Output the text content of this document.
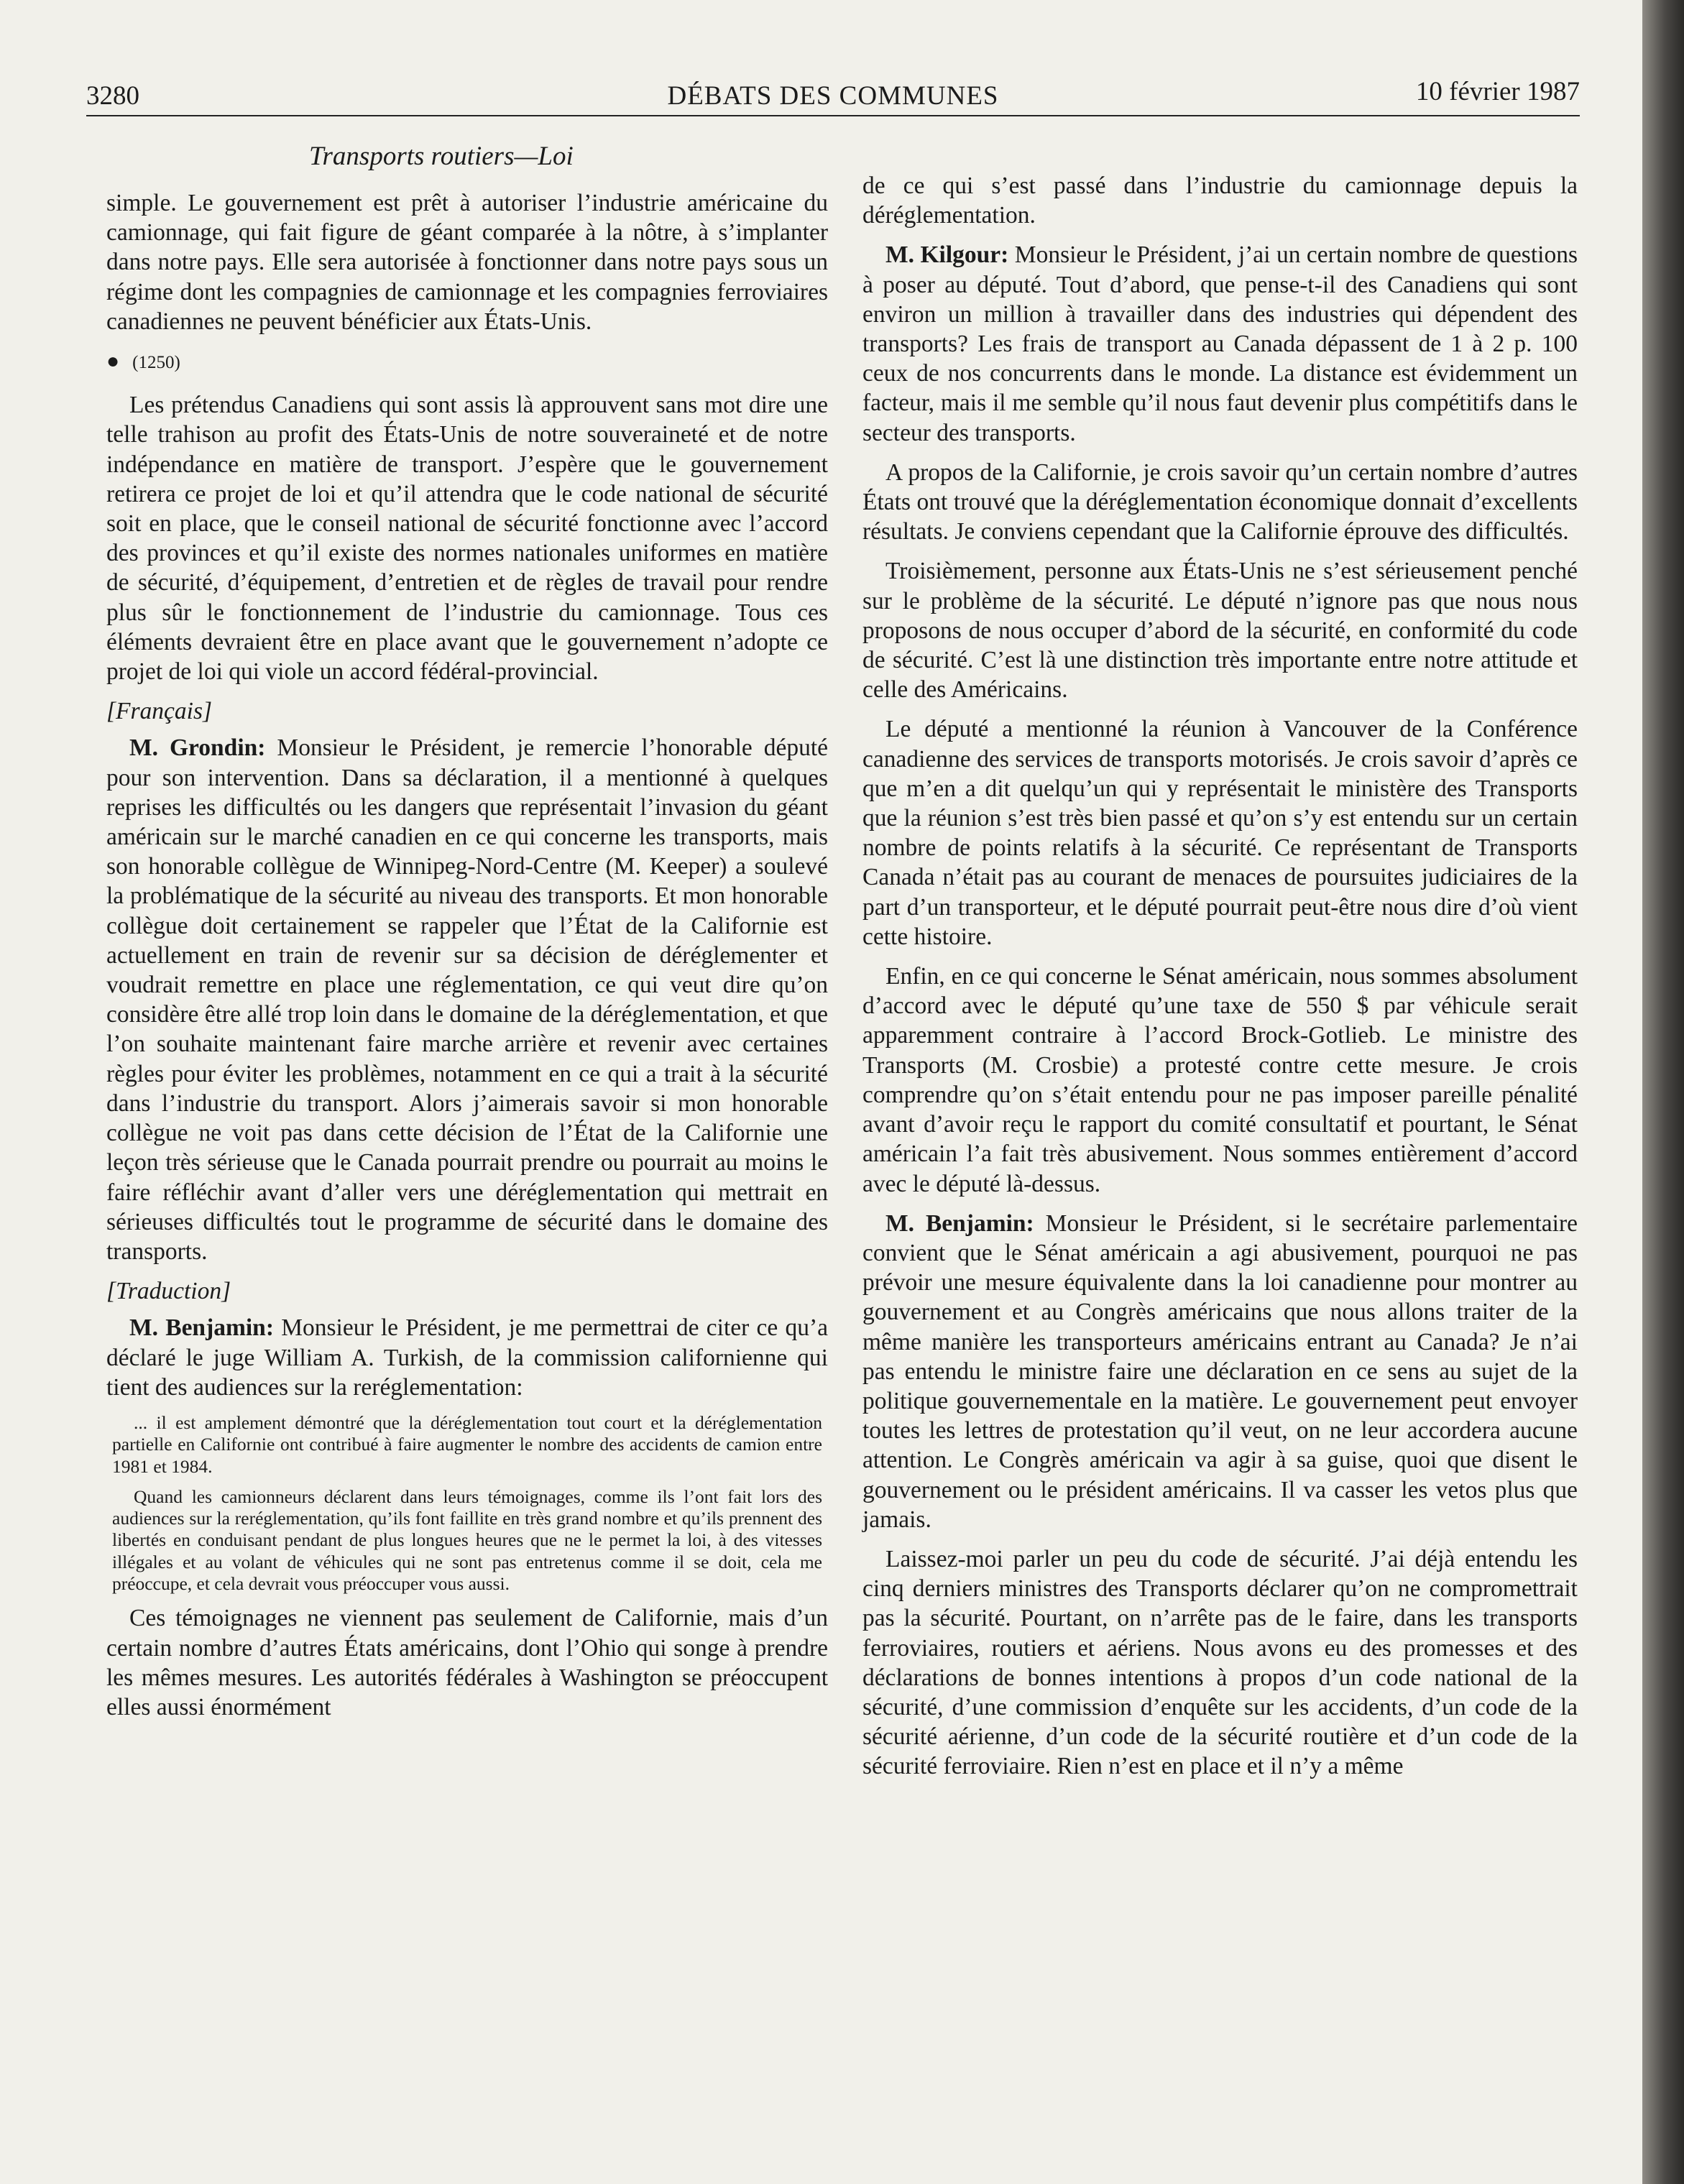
3280	DÉBATS DES COMMUNES	10 février 1987
Transports routiers—Loi

simple. Le gouvernement est prêt à autoriser l’industrie américaine du camionnage, qui fait figure de géant comparée à la nôtre, à s’implanter dans notre pays. Elle sera autorisée à fonctionner dans notre pays sous un régime dont les compagnies de camionnage et les compagnies ferroviaires canadiennes ne peuvent bénéficier aux États-Unis.

● (1250)

Les prétendus Canadiens qui sont assis là approuvent sans mot dire une telle trahison au profit des États-Unis de notre souveraineté et de notre indépendance en matière de transport. J’espère que le gouvernement retirera ce projet de loi et qu’il attendra que le code national de sécurité soit en place, que le conseil national de sécurité fonctionne avec l’accord des provinces et qu’il existe des normes nationales uniformes en matière de sécurité, d’équipement, d’entretien et de règles de travail pour rendre plus sûr le fonctionnement de l’industrie du camionnage. Tous ces éléments devraient être en place avant que le gouvernement n’adopte ce projet de loi qui viole un accord fédéral-provincial.

[Français]

M. Grondin: Monsieur le Président, je remercie l’honorable député pour son intervention. Dans sa déclaration, il a mentionné à quelques reprises les difficultés ou les dangers que représentait l’invasion du géant américain sur le marché canadien en ce qui concerne les transports, mais son honorable collègue de Winnipeg-Nord-Centre (M. Keeper) a soulevé la problématique de la sécurité au niveau des transports. Et mon honorable collègue doit certainement se rappeler que l’État de la Californie est actuellement en train de revenir sur sa décision de déréglementer et voudrait remettre en place une réglementation, ce qui veut dire qu’on considère être allé trop loin dans le domaine de la déréglementation, et que l’on souhaite maintenant faire marche arrière et revenir avec certaines règles pour éviter les problèmes, notamment en ce qui a trait à la sécurité dans l’industrie du transport. Alors j’aimerais savoir si mon honorable collègue ne voit pas dans cette décision de l’État de la Californie une leçon très sérieuse que le Canada pourrait prendre ou pourrait au moins le faire réfléchir avant d’aller vers une déréglementation qui mettrait en sérieuses difficultés tout le programme de sécurité dans le domaine des transports.

[Traduction]

M. Benjamin: Monsieur le Président, je me permettrai de citer ce qu’a déclaré le juge William A. Turkish, de la commission californienne qui tient des audiences sur la reréglementation:

... il est amplement démontré que la déréglementation tout court et la déréglementation partielle en Californie ont contribué à faire augmenter le nombre des accidents de camion entre 1981 et 1984.

Quand les camionneurs déclarent dans leurs témoignages, comme ils l’ont fait lors des audiences sur la reréglementation, qu’ils font faillite en très grand nombre et qu’ils prennent des libertés en conduisant pendant de plus longues heures que ne le permet la loi, à des vitesses illégales et au volant de véhicules qui ne sont pas entretenus comme il se doit, cela me préoccupe, et cela devrait vous préoccuper vous aussi.

Ces témoignages ne viennent pas seulement de Californie, mais d’un certain nombre d’autres États américains, dont l’Ohio qui songe à prendre les mêmes mesures. Les autorités fédérales à Washington se préoccupent elles aussi énormément

de ce qui s’est passé dans l’industrie du camionnage depuis la déréglementation.

M. Kilgour: Monsieur le Président, j’ai un certain nombre de questions à poser au député. Tout d’abord, que pense-t-il des Canadiens qui sont environ un million à travailler dans des industries qui dépendent des transports? Les frais de transport au Canada dépassent de 1 à 2 p. 100 ceux de nos concurrents dans le monde. La distance est évidemment un facteur, mais il me semble qu’il nous faut devenir plus compétitifs dans le secteur des transports.

A propos de la Californie, je crois savoir qu’un certain nombre d’autres États ont trouvé que la déréglementation économique donnait d’excellents résultats. Je conviens cependant que la Californie éprouve des difficultés.

Troisièmement, personne aux États-Unis ne s’est sérieusement penché sur le problème de la sécurité. Le député n’ignore pas que nous nous proposons de nous occuper d’abord de la sécurité, en conformité du code de sécurité. C’est là une distinction très importante entre notre attitude et celle des Américains.

Le député a mentionné la réunion à Vancouver de la Conférence canadienne des services de transports motorisés. Je crois savoir d’après ce que m’en a dit quelqu’un qui y représentait le ministère des Transports que la réunion s’est très bien passé et qu’on s’y est entendu sur un certain nombre de points relatifs à la sécurité. Ce représentant de Transports Canada n’était pas au courant de menaces de poursuites judiciaires de la part d’un transporteur, et le député pourrait peut-être nous dire d’où vient cette histoire.

Enfin, en ce qui concerne le Sénat américain, nous sommes absolument d’accord avec le député qu’une taxe de 550 $ par véhicule serait apparemment contraire à l’accord Brock-Gotlieb. Le ministre des Transports (M. Crosbie) a protesté contre cette mesure. Je crois comprendre qu’on s’était entendu pour ne pas imposer pareille pénalité avant d’avoir reçu le rapport du comité consultatif et pourtant, le Sénat américain l’a fait très abusivement. Nous sommes entièrement d’accord avec le député là-dessus.

M. Benjamin: Monsieur le Président, si le secrétaire parlementaire convient que le Sénat américain a agi abusivement, pourquoi ne pas prévoir une mesure équivalente dans la loi canadienne pour montrer au gouvernement et au Congrès américains que nous allons traiter de la même manière les transporteurs américains entrant au Canada? Je n’ai pas entendu le ministre faire une déclaration en ce sens au sujet de la politique gouvernementale en la matière. Le gouvernement peut envoyer toutes les lettres de protestation qu’il veut, on ne leur accordera aucune attention. Le Congrès américain va agir à sa guise, quoi que disent le gouvernement ou le président américains. Il va casser les vetos plus que jamais.

Laissez-moi parler un peu du code de sécurité. J’ai déjà entendu les cinq derniers ministres des Transports déclarer qu’on ne compromettrait pas la sécurité. Pourtant, on n’arrête pas de le faire, dans les transports ferroviaires, routiers et aériens. Nous avons eu des promesses et des déclarations de bonnes intentions à propos d’un code national de la sécurité, d’une commission d’enquête sur les accidents, d’un code de la sécurité aérienne, d’un code de la sécurité routière et d’un code de la sécurité ferroviaire. Rien n’est en place et il n’y a même
